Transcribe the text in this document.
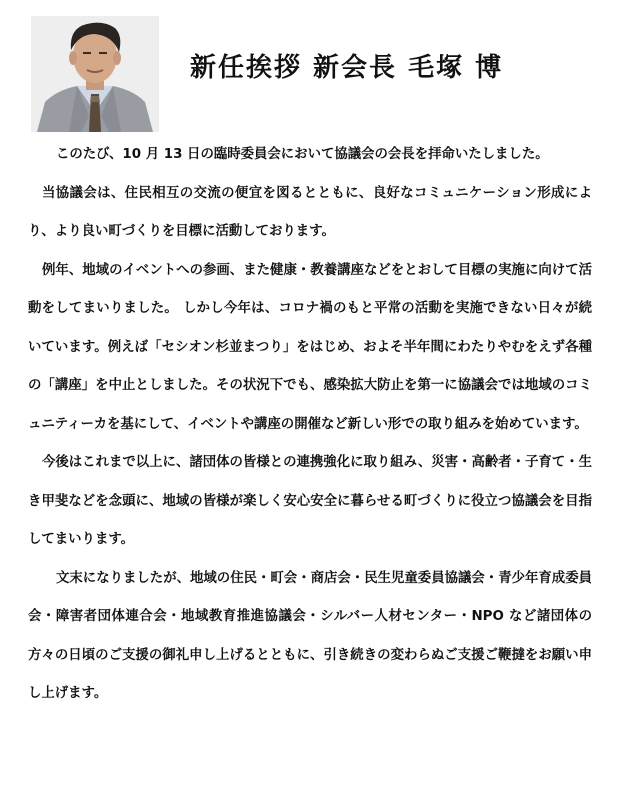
新任挨拶 新会長 毛塚 博

このたび、10 月 13 日の臨時委員会において協議会の会長を拝命いたしました。

当協議会は、住民相互の交流の便宜を図るとともに、良好なコミュニケーション形成により、より良い町づくりを目標に活動しております。

例年、地域のイベントへの参画、また健康・教養講座などをとおして目標の実施に向けて活動をしてまいりました。 しかし今年は、コロナ禍のもと平常の活動を実施できない日々が続いています。例えば「セシオン杉並まつり」をはじめ、およそ半年間にわたりやむをえず各種の「講座」を中止としました。その状況下でも、感染拡大防止を第一に協議会では地域のコミュニティーカを基にして、イベントや講座の開催など新しい形での取り組みを始めています。

今後はこれまで以上に、諸団体の皆様との連携強化に取り組み、災害・高齢者・子育て・生き甲斐などを念頭に、地域の皆様が楽しく安心安全に暮らせる町づくりに役立つ協議会を目指してまいります。

文末になりましたが、地域の住民・町会・商店会・民生児童委員協議会・青少年育成委員会・障害者団体連合会・地域教育推進協議会・シルバー人材センター・NPO など諸団体の方々の日頃のご支援の御礼申し上げるとともに、引き続きの変わらぬご支援ご鞭撻をお願い申し上げます。
